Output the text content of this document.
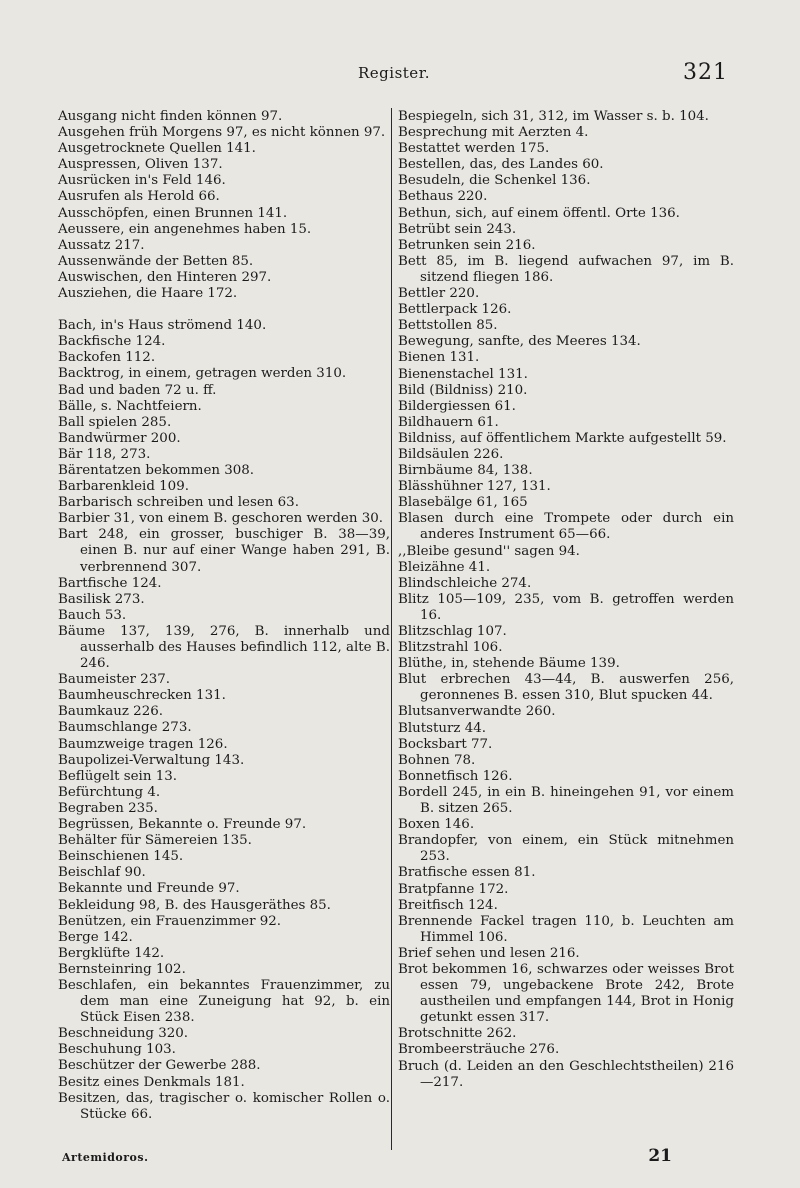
Register.	321
Ausgang nicht finden können 97.
Ausgehen früh Morgens 97, es nicht können 97.
Ausgetrocknete Quellen 141.
Auspressen, Oliven 137.
Ausrücken in's Feld 146.
Ausrufen als Herold 66.
Ausschöpfen, einen Brunnen 141.
Aeussere, ein angenehmes haben 15.
Aussatz 217.
Aussenwände der Betten 85.
Auswischen, den Hinteren 297.
Ausziehen, die Haare 172.
Bach, in's Haus strömend 140.
Backfische 124.
Backofen 112.
Backtrog, in einem, getragen werden 310.
Bad und baden 72 u. ff.
Bälle, s. Nachtfeiern.
Ball spielen 285.
Bandwürmer 200.
Bär 118, 273.
Bärentatzen bekommen 308.
Barbarenkleid 109.
Barbarisch schreiben und lesen 63.
Barbier 31, von einem B. geschoren werden 30.
Bart 248, ein grosser, buschiger B. 38—39, einen B. nur auf einer Wange haben 291, B. verbrennend 307.
Bartfische 124.
Basilisk 273.
Bauch 53.
Bäume 137, 139, 276, B. innerhalb und ausserhalb des Hauses befindlich 112, alte B. 246.
Baumeister 237.
Baumheuschrecken 131.
Baumkauz 226.
Baumschlange 273.
Baumzweige tragen 126.
Baupolizei-Verwaltung 143.
Beflügelt sein 13.
Befürchtung 4.
Begraben 235.
Begrüssen, Bekannte o. Freunde 97.
Behälter für Sämereien 135.
Beinschienen 145.
Beischlaf 90.
Bekannte und Freunde 97.
Bekleidung 98, B. des Hausgeräthes 85.
Benützen, ein Frauenzimmer 92.
Berge 142.
Bergklüfte 142.
Bernsteinring 102.
Beschlafen, ein bekanntes Frauenzimmer, zu dem man eine Zuneigung hat 92, b. ein Stück Eisen 238.
Beschneidung 320.
Beschuhung 103.
Beschützer der Gewerbe 288.
Besitz eines Denkmals 181.
Besitzen, das, tragischer o. komischer Rollen o. Stücke 66.
Bespiegeln, sich 31, 312, im Wasser s. b. 104.
Besprechung mit Aerzten 4.
Bestattet werden 175.
Bestellen, das, des Landes 60.
Besudeln, die Schenkel 136.
Bethaus 220.
Bethun, sich, auf einem öffentl. Orte 136.
Betrübt sein 243.
Betrunken sein 216.
Bett 85, im B. liegend aufwachen 97, im B. sitzend fliegen 186.
Bettler 220.
Bettlerpack 126.
Bettstollen 85.
Bewegung, sanfte, des Meeres 134.
Bienen 131.
Bienenstachel 131.
Bild (Bildniss) 210.
Bildergiessen 61.
Bildhauern 61.
Bildniss, auf öffentlichem Markte aufgestellt 59.
Bildsäulen 226.
Birnbäume 84, 138.
Blässhühner 127, 131.
Blasebälge 61, 165
Blasen durch eine Trompete oder durch ein anderes Instrument 65—66.
,,Bleibe gesund'' sagen 94.
Bleizähne 41.
Blindschleiche 274.
Blitz 105—109, 235, vom B. getroffen werden 16.
Blitzschlag 107.
Blitzstrahl 106.
Blüthe, in, stehende Bäume 139.
Blut erbrechen 43—44, B. auswerfen 256, geronnenes B. essen 310, Blut spucken 44.
Blutsanverwandte 260.
Blutsturz 44.
Bocksbart 77.
Bohnen 78.
Bonnetfisch 126.
Bordell 245, in ein B. hineingehen 91, vor einem B. sitzen 265.
Boxen 146.
Brandopfer, von einem, ein Stück mitnehmen 253.
Bratfische essen 81.
Bratpfanne 172.
Breitfisch 124.
Brennende Fackel tragen 110, b. Leuchten am Himmel 106.
Brief sehen und lesen 216.
Brot bekommen 16, schwarzes oder weisses Brot essen 79, ungebackene Brote 242, Brote austheilen und empfangen 144, Brot in Honig getunkt essen 317.
Brotschnitte 262.
Brombeersträuche 276.
Bruch (d. Leiden an den Geschlechtstheilen) 216—217.
Artemidoros.	21
